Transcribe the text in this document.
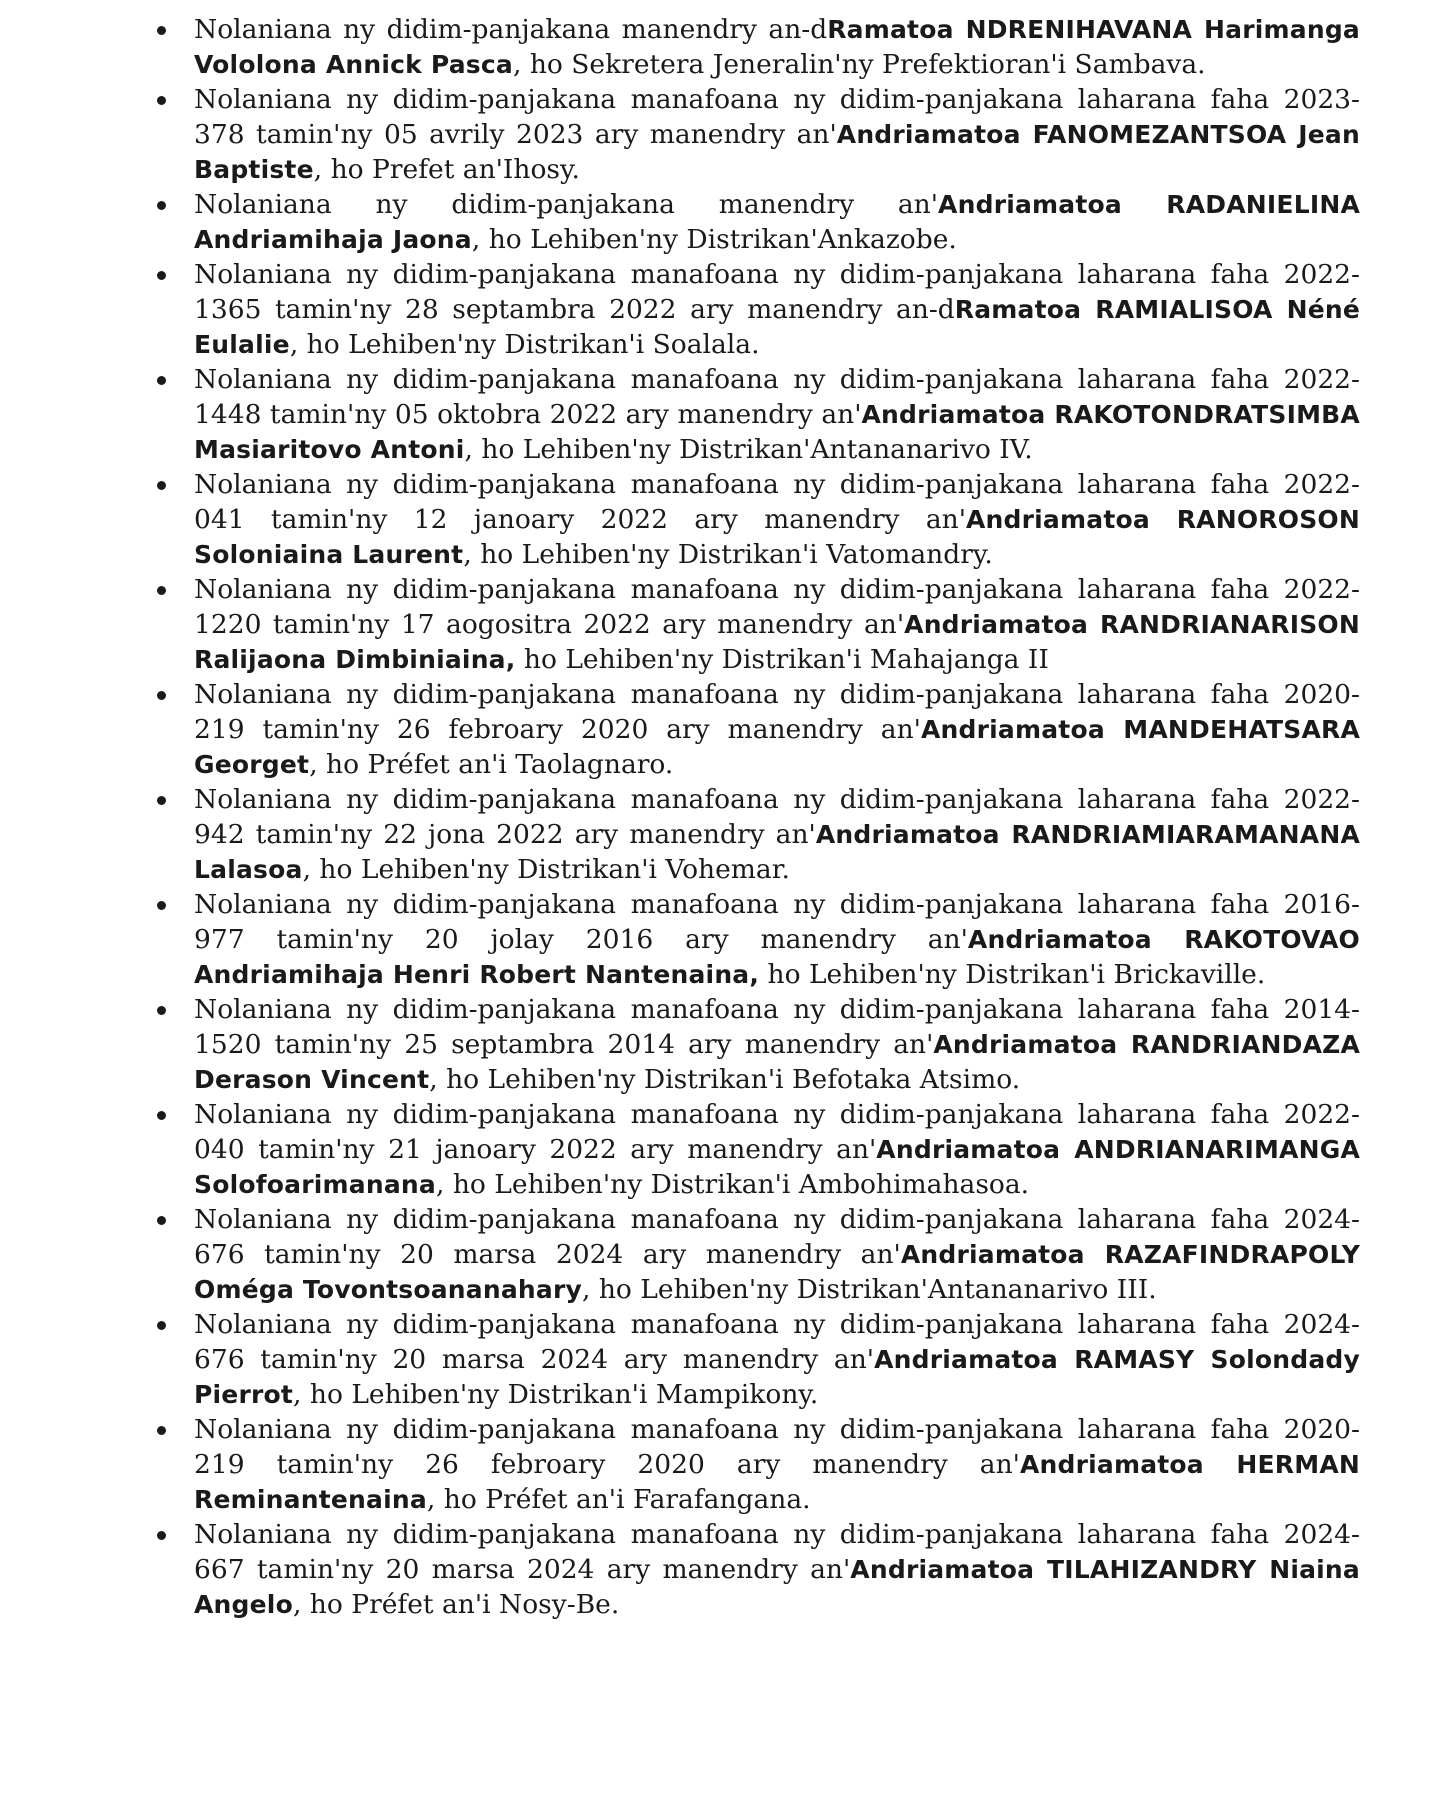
Nolaniana ny didim-panjakana manendry an-dRamatoa NDRENIHAVANA Harimanga Vololona Annick Pasca, ho Sekretera Jeneralin'ny Prefektioran'i Sambava.
Nolaniana ny didim-panjakana manafoana ny didim-panjakana laharana faha 2023-378 tamin'ny 05 avrily 2023 ary manendry an'Andriamatoa FANOMEZANTSOA Jean Baptiste, ho Prefet an'Ihosy.
Nolaniana ny didim-panjakana manendry an'Andriamatoa RADANIELINA Andriamihaja Jaona, ho Lehiben'ny Distrikan'Ankazobe.
Nolaniana ny didim-panjakana manafoana ny didim-panjakana laharana faha 2022-1365 tamin'ny 28 septambra 2022 ary manendry an-dRamatoa RAMIALISOA Néné Eulalie, ho Lehiben'ny Distrikan'i Soalala.
Nolaniana ny didim-panjakana manafoana ny didim-panjakana laharana faha 2022-1448 tamin'ny 05 oktobra 2022 ary manendry an'Andriamatoa RAKOTONDRATSIMBA Masiaritovo Antoni, ho Lehiben'ny Distrikan'Antananarivo IV.
Nolaniana ny didim-panjakana manafoana ny didim-panjakana laharana faha 2022-041 tamin'ny 12 janoary 2022 ary manendry an'Andriamatoa RANOROSON Soloniaina Laurent, ho Lehiben'ny Distrikan'i Vatomandry.
Nolaniana ny didim-panjakana manafoana ny didim-panjakana laharana faha 2022-1220 tamin'ny 17 aogositra 2022 ary manendry an'Andriamatoa RANDRIANARISON Ralijaona Dimbiniaina, ho Lehiben'ny Distrikan'i Mahajanga II
Nolaniana ny didim-panjakana manafoana ny didim-panjakana laharana faha 2020-219 tamin'ny 26 febroary 2020 ary manendry an'Andriamatoa MANDEHATSARA Georget, ho Préfet an'i Taolagnaro.
Nolaniana ny didim-panjakana manafoana ny didim-panjakana laharana faha 2022-942 tamin'ny 22 jona 2022 ary manendry an'Andriamatoa RANDRIAMIARAMANANA Lalasoa, ho Lehiben'ny Distrikan'i Vohemar.
Nolaniana ny didim-panjakana manafoana ny didim-panjakana laharana faha 2016-977 tamin'ny 20 jolay 2016 ary manendry an'Andriamatoa RAKOTOVAO Andriamihaja Henri Robert Nantenaina, ho Lehiben'ny Distrikan'i Brickaville.
Nolaniana ny didim-panjakana manafoana ny didim-panjakana laharana faha 2014-1520 tamin'ny 25 septambra 2014 ary manendry an'Andriamatoa RANDRIANDAZA Derason Vincent, ho Lehiben'ny Distrikan'i Befotaka Atsimo.
Nolaniana ny didim-panjakana manafoana ny didim-panjakana laharana faha 2022-040 tamin'ny 21 janoary 2022 ary manendry an'Andriamatoa ANDRIANARIMANGA Solofoarimanana, ho Lehiben'ny Distrikan'i Ambohimahasoa.
Nolaniana ny didim-panjakana manafoana ny didim-panjakana laharana faha 2024-676 tamin'ny 20 marsa 2024 ary manendry an'Andriamatoa RAZAFINDRAPOLY Oméga Tovontsoananahary, ho Lehiben'ny Distrikan'Antananarivo III.
Nolaniana ny didim-panjakana manafoana ny didim-panjakana laharana faha 2024-676 tamin'ny 20 marsa 2024 ary manendry an'Andriamatoa RAMASY Solondady Pierrot, ho Lehiben'ny Distrikan'i Mampikony.
Nolaniana ny didim-panjakana manafoana ny didim-panjakana laharana faha 2020-219 tamin'ny 26 febroary 2020 ary manendry an'Andriamatoa HERMAN Reminantenaina, ho Préfet an'i Farafangana.
Nolaniana ny didim-panjakana manafoana ny didim-panjakana laharana faha 2024-667 tamin'ny 20 marsa 2024 ary manendry an'Andriamatoa TILAHIZANDRY Niaina Angelo, ho Préfet an'i Nosy-Be.
